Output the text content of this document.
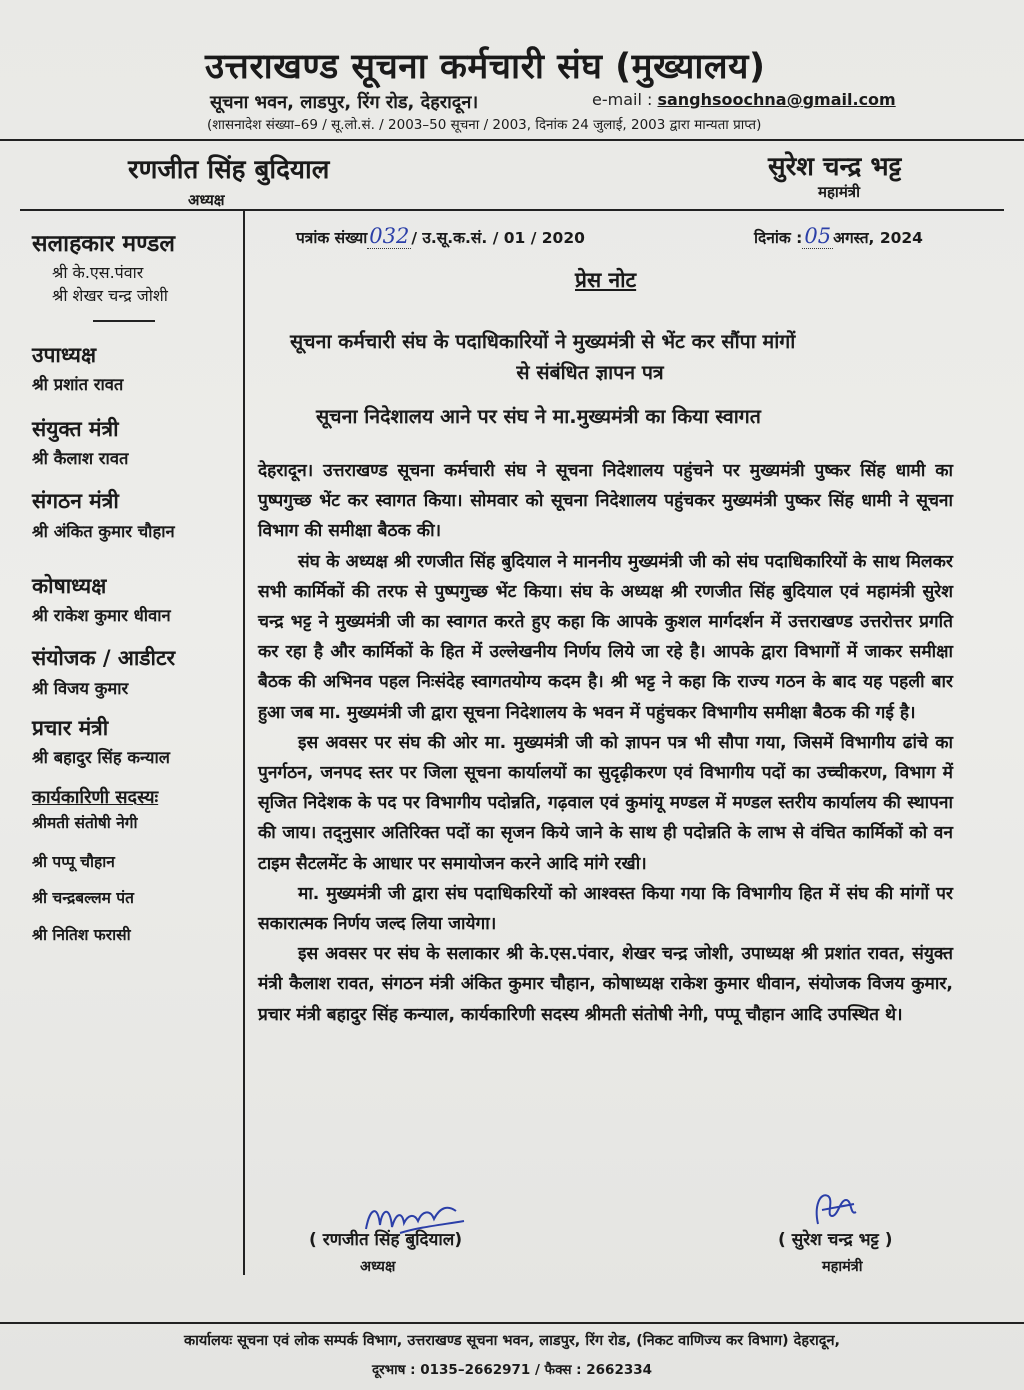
उत्तराखण्ड सूचना कर्मचारी संघ (मुख्यालय)
सूचना भवन, लाडपुर, रिंग रोड, देहरादून।	e-mail : sanghsoochna@gmail.com
(शासनादेश संख्या–69 / सू.लो.सं. / 2003–50 सूचना / 2003, दिनांक 24 जुलाई, 2003 द्वारा मान्यता प्राप्त)
रणजीत सिंह बुदियाल
अध्यक्ष
सुरेश चन्द्र भट्ट
महामंत्री
सलाहकार मण्डल
श्री के.एस.पंवार
श्री शेखर चन्द्र जोशी
उपाध्यक्ष
श्री प्रशांत रावत
संयुक्त मंत्री
श्री कैलाश रावत
संगठन मंत्री
श्री अंकित कुमार चौहान
कोषाध्यक्ष
श्री राकेश कुमार धीवान
संयोजक / आडीटर
श्री विजय कुमार
प्रचार मंत्री
श्री बहादुर सिंह कन्याल
कार्यकारिणी सदस्यः
श्रीमती संतोषी नेगी
श्री पप्पू चौहान
श्री चन्द्रबल्लम पंत
श्री नितिश फरासी
पत्रांक संख्या032 / उ.सू.क.सं. / 01 / 2020	दिनांक :05 अगस्त, 2024
प्रेस नोट
सूचना कर्मचारी संघ के पदाधिकारियों ने मुख्यमंत्री से भेंट कर सौंपा मांगों
से संबंधित ज्ञापन पत्र
सूचना निदेशालय आने पर संघ ने मा.मुख्यमंत्री का किया स्वागत

देहरादून। उत्तराखण्ड सूचना कर्मचारी संघ ने सूचना निदेशालय पहुंचने पर मुख्यमंत्री पुष्कर सिंह धामी का पुष्पगुच्छ भेंट कर स्वागत किया। सोमवार को सूचना निदेशालय पहुंचकर मुख्यमंत्री पुष्कर सिंह धामी ने सूचना विभाग की समीक्षा बैठक की।

संघ के अध्यक्ष श्री रणजीत सिंह बुदियाल ने माननीय मुख्यमंत्री जी को संघ पदाधिकारियों के साथ मिलकर सभी कार्मिकों की तरफ से पुष्पगुच्छ भेंट किया। संघ के अध्यक्ष श्री रणजीत सिंह बुदियाल एवं महामंत्री सुरेश चन्द्र भट्ट ने मुख्यमंत्री जी का स्वागत करते हुए कहा कि आपके कुशल मार्गदर्शन में उत्तराखण्ड उत्तरोत्तर प्रगति कर रहा है और कार्मिकों के हित में उल्लेखनीय निर्णय लिये जा रहे है। आपके द्वारा विभागों में जाकर समीक्षा बैठक की अभिनव पहल निःसंदेह स्वागतयोग्य कदम है। श्री भट्ट ने कहा कि राज्य गठन के बाद यह पहली बार हुआ जब मा. मुख्यमंत्री जी द्वारा सूचना निदेशालय के भवन में पहुंचकर विभागीय समीक्षा बैठक की गई है।

इस अवसर पर संघ की ओर मा. मुख्यमंत्री जी को ज्ञापन पत्र भी सौपा गया, जिसमें विभागीय ढांचे का पुनर्गठन, जनपद स्तर पर जिला सूचना कार्यालयों का सुदृढ़ीकरण एवं विभागीय पदों का उच्चीकरण, विभाग में सृजित निदेशक के पद पर विभागीय पदोन्नति, गढ़वाल एवं कुमांयू मण्डल में मण्डल स्तरीय कार्यालय की स्थापना की जाय। तद्नुसार अतिरिक्त पदों का सृजन किये जाने के साथ ही पदोन्नति के लाभ से वंचित कार्मिकों को वन टाइम सैटलमेंट के आधार पर समायोजन करने आदि मांगे रखी।

मा. मुख्यमंत्री जी द्वारा संघ पदाधिकरियों को आश्वस्त किया गया कि विभागीय हित में संघ की मांगों पर सकारात्मक निर्णय जल्द लिया जायेगा।

इस अवसर पर संघ के सलाकार श्री के.एस.पंवार, शेखर चन्द्र जोशी, उपाध्यक्ष श्री प्रशांत रावत, संयुक्त मंत्री कैलाश रावत, संगठन मंत्री अंकित कुमार चौहान, कोषाध्यक्ष राकेश कुमार धीवान, संयोजक विजय कुमार, प्रचार मंत्री बहादुर सिंह कन्याल, कार्यकारिणी सदस्य श्रीमती संतोषी नेगी, पप्पू चौहान आदि उपस्थित थे।

( रणजीत सिंह बुदियाल)
अध्यक्ष
( सुरेश चन्द्र भट्ट )
महामंत्री
कार्यालयः सूचना एवं लोक सम्पर्क विभाग, उत्तराखण्ड सूचना भवन, लाडपुर, रिंग रोड, (निकट वाणिज्य कर विभाग) देहरादून,
दूरभाष : 0135–2662971 / फैक्स : 2662334
